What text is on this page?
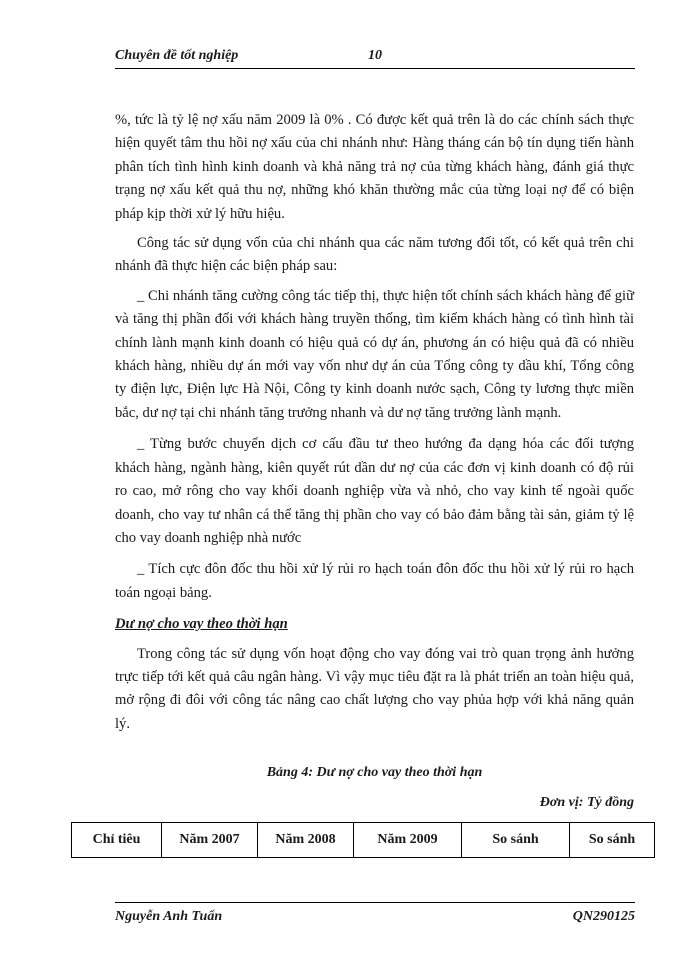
Chuyên đề tốt nghiệp	10

%, tức là tỷ lệ nợ xấu năm 2009 là 0% . Có được kết quả trên là do các chính sách thực hiện quyết tâm thu hồi nợ xấu của chi nhánh như: Hàng tháng cán bộ tín dụng tiến hành phân tích tình hình kinh doanh và khả năng trả nợ của từng khách hàng, đánh giá thực trạng nợ xấu kết quả thu nợ, những khó khăn thường mắc của từng loại nợ để có biện pháp kịp thời xử lý hữu hiệu.

Công tác sử dụng vốn của chi nhánh qua các năm tương đối tốt, có kết quả trên chi nhánh đã thực hiện các biện pháp sau:

_ Chi nhánh tăng cường công tác tiếp thị, thực hiện tốt chính sách khách hàng để giữ và tăng thị phần đối với khách hàng truyền thống, tìm kiếm khách hàng có tình hình tài chính lành mạnh kinh doanh có hiệu quả có dự án, phương án có hiệu quả đã có nhiều khách hàng, nhiều dự án mới vay vốn như dự án của Tổng công ty dầu khí, Tổng công ty điện lực, Điện lực Hà Nội, Công ty kinh doanh nước sạch, Công ty lương thực miền bắc, dư nợ tại chi nhánh tăng trưởng nhanh và dư nợ tăng trưởng lành mạnh.

_ Từng bước chuyển dịch cơ cấu đầu tư theo hướng đa dạng hóa các đối tượng khách hàng, ngành hàng, kiên quyết rút dần dư nợ của các đơn vị kinh doanh có độ rủi ro cao, mở rông cho vay khối doanh nghiệp vừa và nhỏ, cho vay kinh tế ngoài quốc doanh, cho vay tư nhân cá thể tăng thị phần cho vay có bảo đảm bằng tài sản, giảm tỷ lệ cho vay doanh nghiệp nhà nước

_ Tích cực đôn đốc thu hồi xử lý rủi ro hạch toán đôn đốc thu hồi xử lý rủi ro hạch toán ngoại bảng.

Dư nợ cho vay theo thời hạn

Trong công tác sử dụng vốn hoạt động cho vay đóng vai trò quan trọng ảnh hưởng trực tiếp tới kết quả câu ngân hàng. Vì vậy mục tiêu đặt ra là phát triển an toàn hiệu quả, mở rộng đi đôi với công tác nâng cao chất lượng cho vay phủa hợp với khả năng quản lý.

Bảng 4: Dư nợ cho vay theo thời hạn
Đơn vị: Tỷ đồng
Chỉ tiêu	Năm 2007	Năm 2008	Năm 2009	So sánh	So sánh
Nguyễn Anh Tuấn	QN290125
